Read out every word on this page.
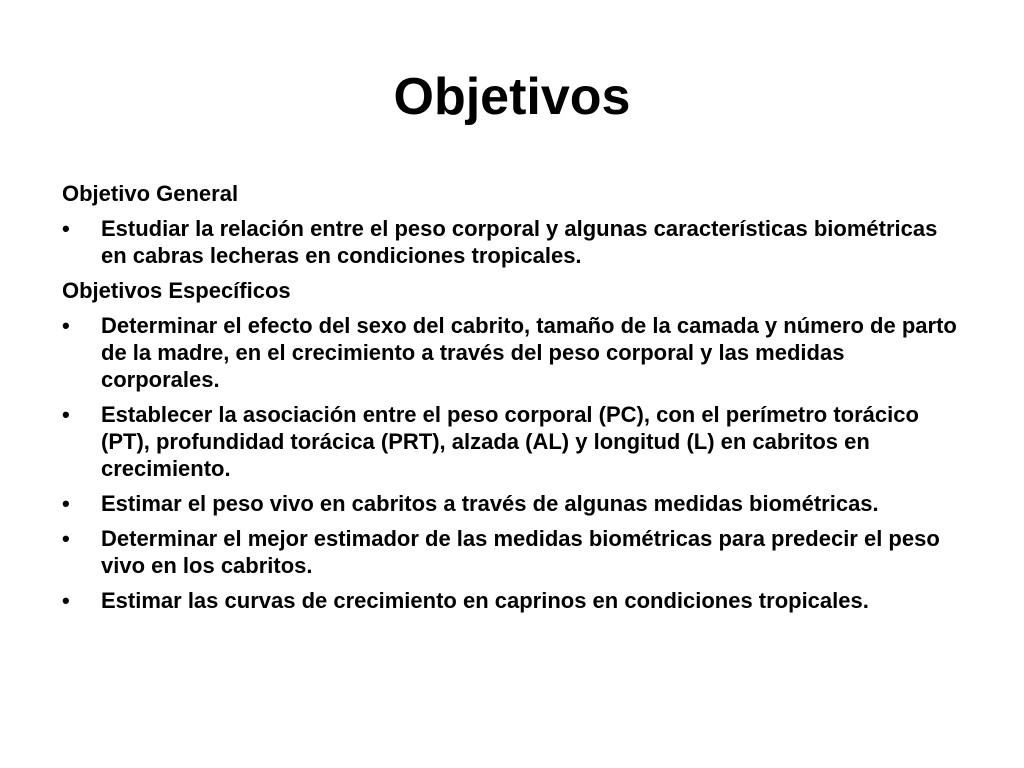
Objetivos
Objetivo General
•	Estudiar la relación entre el peso corporal y algunas características biométricas en cabras lecheras en condiciones tropicales.
Objetivos Específicos
•	Determinar el efecto del sexo del cabrito, tamaño de la camada y número de parto de la madre, en el crecimiento a través del peso corporal y las medidas corporales.
•	Establecer la asociación entre el peso corporal (PC), con el perímetro torácico (PT), profundidad torácica (PRT), alzada (AL) y longitud (L) en cabritos en crecimiento.
•	Estimar el peso vivo en cabritos a través de algunas medidas biométricas.
•	Determinar el mejor estimador de las medidas biométricas para predecir el peso vivo en los cabritos.
•	Estimar las curvas de crecimiento en caprinos en condiciones tropicales.
